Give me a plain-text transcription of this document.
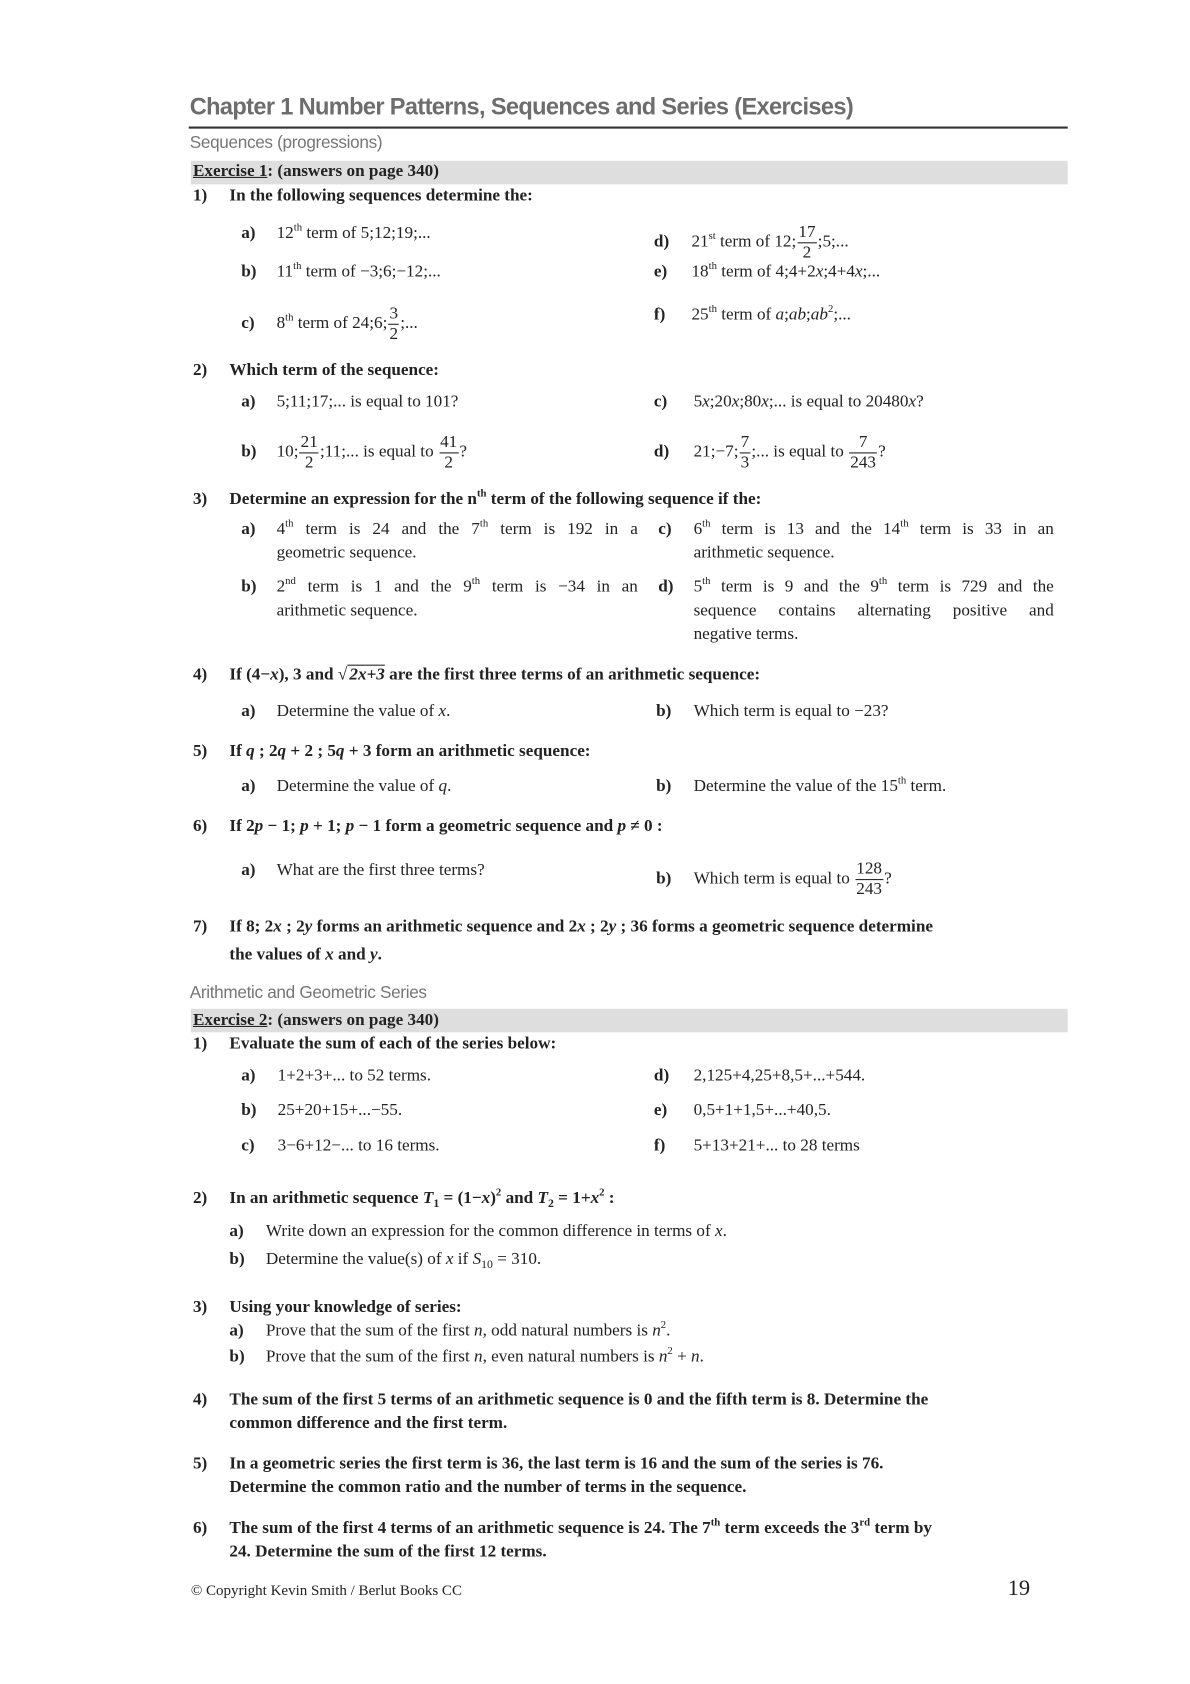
Chapter 1 Number Patterns, Sequences and Series (Exercises)
Sequences (progressions)
Exercise 1: (answers on page 340)
1) In the following sequences determine the:
a) 12th term of 5;12;19;...
b) 11th term of −3;6;−12;...
c) 8th term of 24;6; $\frac{3}{2}$ ;...
d) 21st term of 12; $\frac{17}{2}$ ;5;...
e) 18th term of 4;4+2x;4+4x;...
f) 25th term of $a;ab;ab^2$;...
2) Which term of the sequence:
a) 5;11;17;... is equal to 101?
b) 10; $\frac{21}{2}$ ;11;... is equal to $\frac{41}{2}$ ?
c) 5x;20x;80x;... is equal to 20480x?
d) 21;−7; $\frac{7}{3}$ ;... is equal to $\frac{7}{243}$ ?
3) Determine an expression for the $n^{th}$ term of the following sequence if the:
a) 4th term is 24 and the 7th term is 192 in a
geometric sequence.
b) 2nd term is 1 and the 9th term is −34 in an
arithmetic sequence.
c) 6th term is 13 and the 14th term is 33 in an
arithmetic sequence.
d) 5th term is 9 and the 9th term is 729 and the
sequence contains alternating positive and
negative terms.
4) If (4−x), 3 and √ 2x+3 are the first three terms of an arithmetic sequence:
a) Determine the value of x.	b) Which term is equal to −23?
5) If q ; 2q + 2 ; 5q + 3 form an arithmetic sequence:
a) Determine the value of q.	b) Determine the value of the 15th term.
6) If 2p − 1; p + 1; p − 1 form a geometric sequence and p ≠ 0 :
a) What are the first three terms?	b) Which term is equal to $\frac{128}{243}$ ?
7) If 8; 2x ; 2y forms an arithmetic sequence and 2x ; 2y ; 36 forms a geometric sequence determine
the values of x and y.
Arithmetic and Geometric Series
Exercise 2: (answers on page 340)
1) Evaluate the sum of each of the series below:
a) 1+2+3+... to 52 terms.
b) 25+20+15+...−55.
c) 3−6+12−... to 16 terms.
d) 2,125+4,25+8,5+...+544.
e) 0,5+1+1,5+...+40,5.
f) 5+13+21+... to 28 terms
2) In an arithmetic sequence $T_1 = (1-x)^2$ and $T_2 = 1+x^2$ :
a) Write down an expression for the common difference in terms of x.
b) Determine the value(s) of x if $S_{10} = 310$.
3) Using your knowledge of series:
a) Prove that the sum of the first n, odd natural numbers is $n^2$.
b) Prove that the sum of the first n, even natural numbers is $n^2 + n$.
4) The sum of the first 5 terms of an arithmetic sequence is 0 and the fifth term is 8. Determine the
common difference and the first term.
5) In a geometric series the first term is 36, the last term is 16 and the sum of the series is 76.
Determine the common ratio and the number of terms in the sequence.
6) The sum of the first 4 terms of an arithmetic sequence is 24. The 7th term exceeds the 3rd term by
24. Determine the sum of the first 12 terms.
© Copyright Kevin Smith / Berlut Books CC	19
